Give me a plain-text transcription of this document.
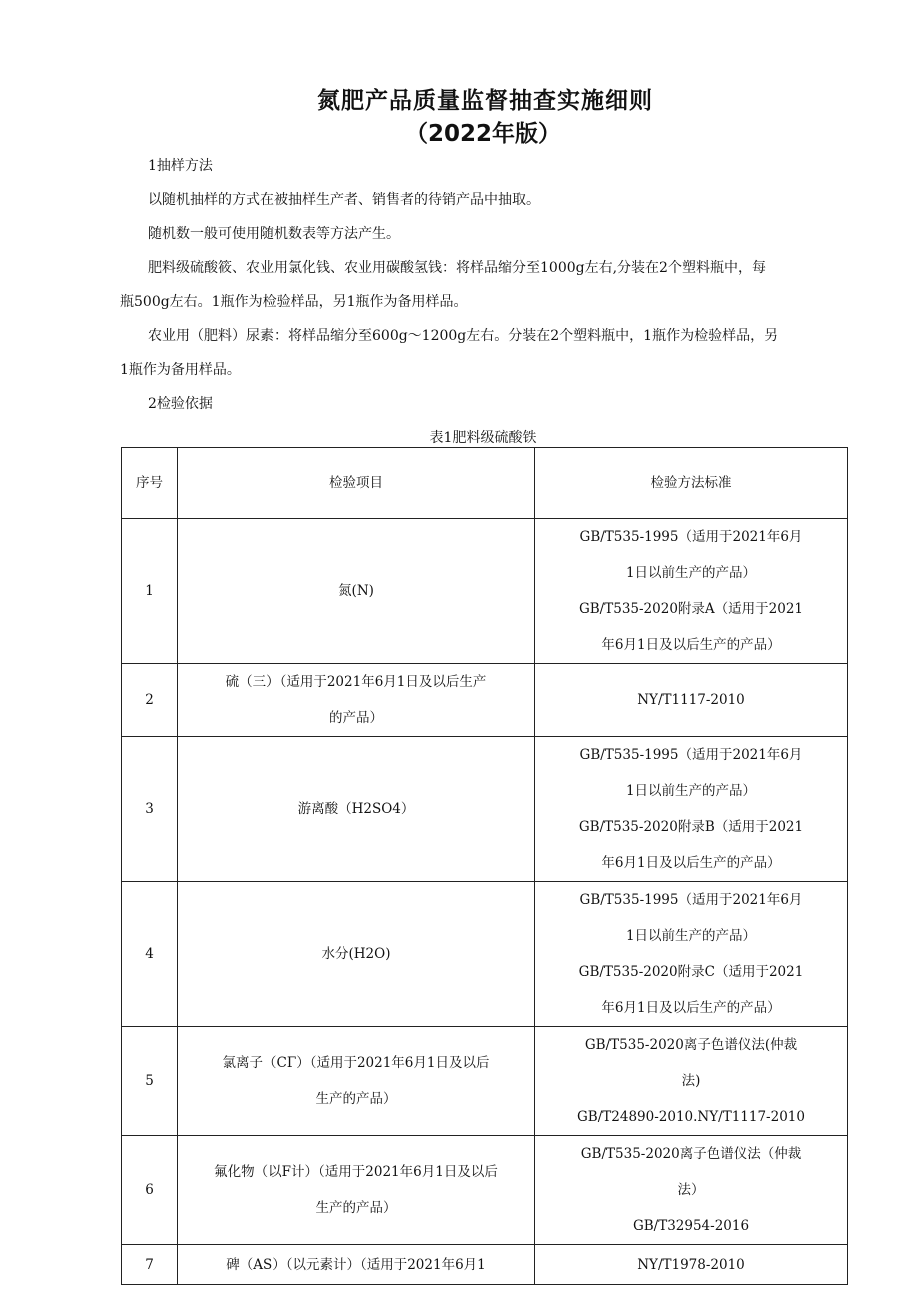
氮肥产品质量监督抽查实施细则
（2022年版）
1抽样方法
以随机抽样的方式在被抽样生产者、销售者的待销产品中抽取。
随机数一般可使用随机数表等方法产生。
肥料级硫酸筱、农业用氯化钱、农业用碳酸氢钱：将样品缩分至1000g左右,分装在2个塑料瓶中，每
瓶500g左右。1瓶作为检验样品，另1瓶作为备用样品。
农业用（肥料）尿素：将样品缩分至600g～1200g左右。分装在2个塑料瓶中，1瓶作为检验样品，另
1瓶作为备用样品。
2检验依据
表1肥料级硫酸铁
序号	检验项目	检验方法标准
1	氮(N)	GB/T535-1995（适用于2021年6月
1日以前生产的产品）
GB/T535-2020附录A（适用于2021
年6月1日及以后生产的产品）

2	硫（三）（适用于2021年6月1日及以后生产
的产品）	NY/T1117-2010
3	游离酸（H2SO4）	GB/T535-1995（适用于2021年6月
1日以前生产的产品）
GB/T535-2020附录B（适用于2021
年6月1日及以后生产的产品）

4	水分(H2O)	GB/T535-1995（适用于2021年6月
1日以前生产的产品）
GB/T535-2020附录C（适用于2021
年6月1日及以后生产的产品）

5	氯离子（CΓ）（适用于2021年6月1日及以后
生产的产品）	GB/T535-2020离子色谱仪法(仲裁
法)
GB/T24890-2010.NY/T1117-2010

6	氟化物（以F计）（适用于2021年6月1日及以后
生产的产品）	GB/T535-2020离子色谱仪法（仲裁
法）
GB/T32954-2016

7	碑（AS）（以元素计）（适用于2021年6月1	NY/T1978-2010
